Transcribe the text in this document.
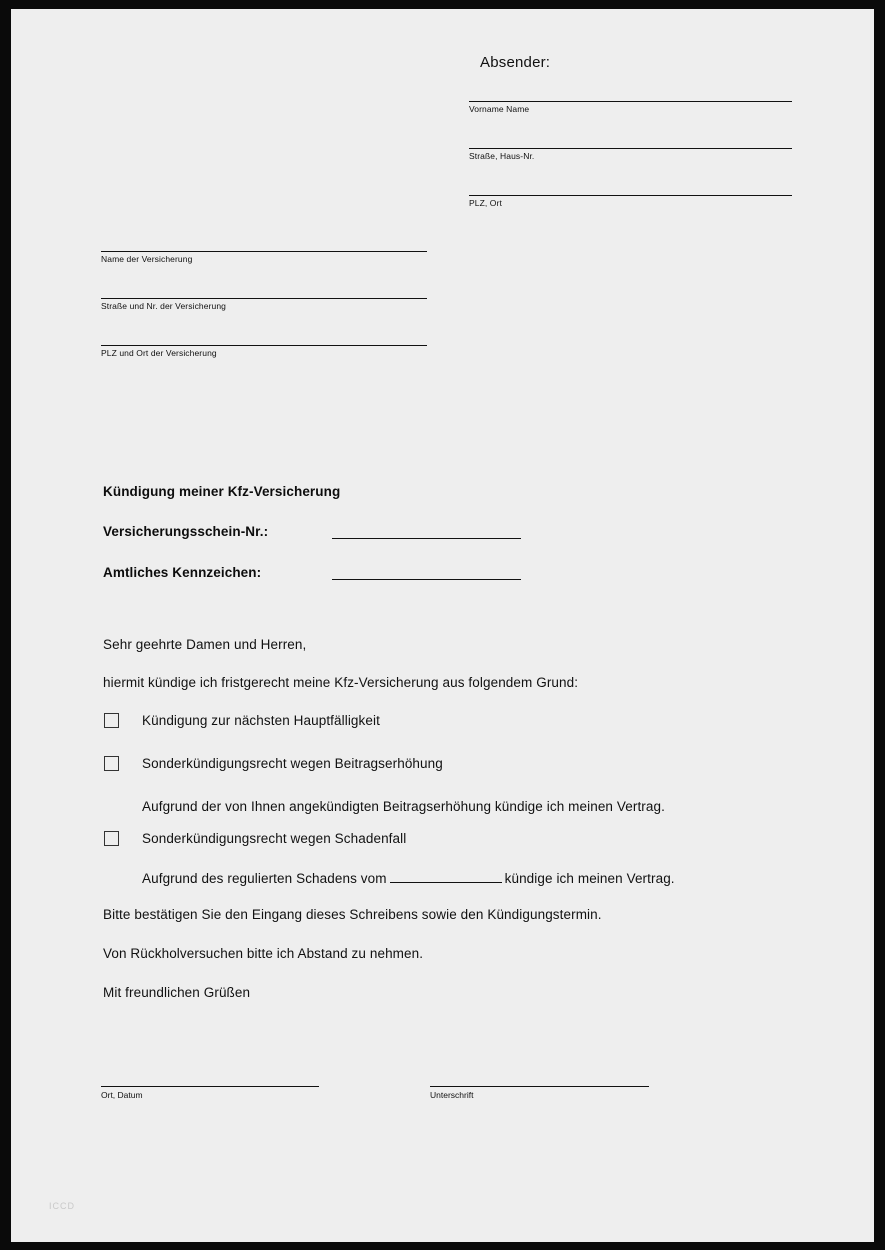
Absender:
Vorname Name
Straße, Haus-Nr.
PLZ, Ort
Name der Versicherung
Straße und Nr. der Versicherung
PLZ und Ort der Versicherung
Kündigung meiner Kfz-Versicherung
Versicherungsschein-Nr.:
Amtliches Kennzeichen:
Sehr geehrte Damen und Herren,
hiermit kündige ich fristgerecht meine Kfz-Versicherung aus folgendem Grund:
Kündigung zur nächsten Hauptfälligkeit
Sonderkündigungsrecht wegen Beitragserhöhung
Aufgrund der von Ihnen angekündigten Beitragserhöhung kündige ich meinen Vertrag.
Sonderkündigungsrecht wegen Schadenfall
Aufgrund des regulierten Schadens vom	kündige ich meinen Vertrag.
Bitte bestätigen Sie den Eingang dieses Schreibens sowie den Kündigungstermin.
Von Rückholversuchen bitte ich Abstand zu nehmen.
Mit freundlichen Grüßen
Ort, Datum	Unterschrift
ICCD
